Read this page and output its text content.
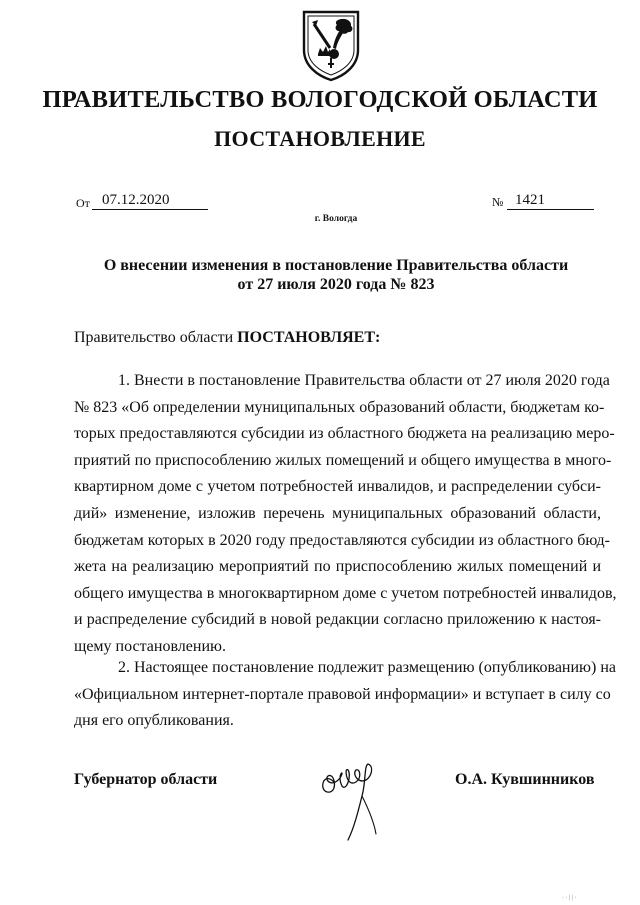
ПРАВИТЕЛЬСТВО ВОЛОГОДСКОЙ ОБЛАСТИ
ПОСТАНОВЛЕНИЕ
От 07.12.2020	№ 1421
г. Вологда
О внесении изменения в постановление Правительства области
от 27 июля 2020 года № 823
Правительство области ПОСТАНОВЛЯЕТ:
1. Внести в постановление Правительства области от 27 июля 2020 года
№ 823 «Об определении муниципальных образований области, бюджетам ко-
торых предоставляются субсидии из областного бюджета на реализацию меро-
приятий по приспособлению жилых помещений и общего имущества в много-
квартирном доме с учетом потребностей инвалидов, и распределении субси-
дий» изменение, изложив перечень муниципальных образований области,
бюджетам которых в 2020 году предоставляются субсидии из областного бюд-
жета на реализацию мероприятий по приспособлению жилых помещений и
общего имущества в многоквартирном доме с учетом потребностей инвалидов,
и распределение субсидий в новой редакции согласно приложению к настоя-
щему постановлению.
2. Настоящее постановление подлежит размещению (опубликованию) на
«Официальном интернет-портале правовой информации» и вступает в силу со
дня его опубликования.
Губернатор области	О.А. Кувшинников
· · | | ·
